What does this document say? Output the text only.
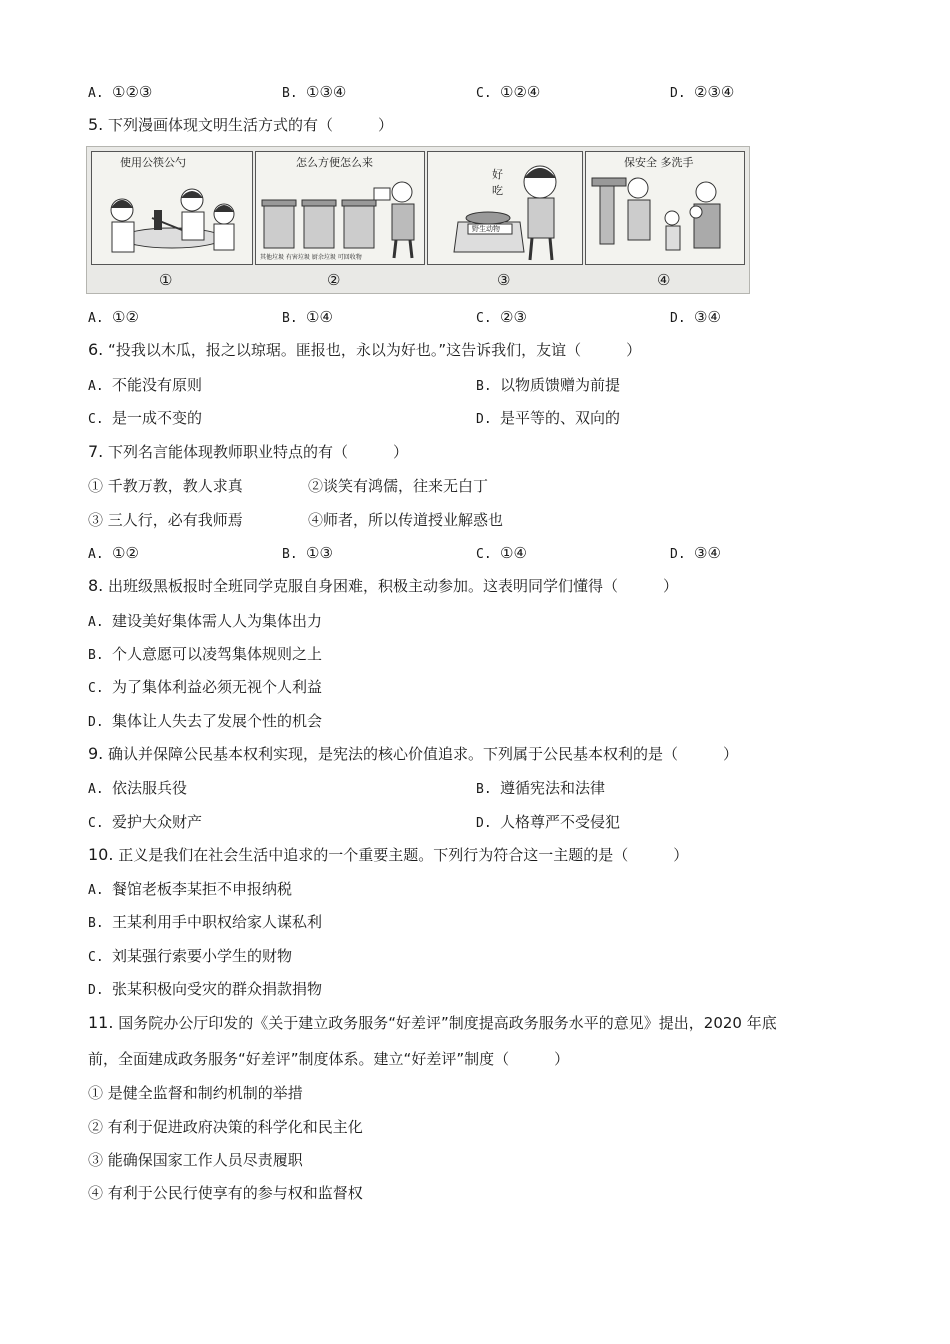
A. ①②③	B. ①③④	C. ①②④	D. ②③④
5. 下列漫画体现文明生活方式的有（　　　）
使用公筷公勺	怎么方便怎么来
其他垃圾 有害垃圾 厨余垃圾 可回收物
好吃
野生动物
保安全 多洗手
①	②	③	④
A. ①②	B. ①④	C. ②③	D. ③④
6. “投我以木瓜，报之以琼琚。匪报也，永以为好也。”这告诉我们，友谊（　　　）
A. 不能没有原则	B. 以物质馈赠为前提
C. 是一成不变的	D. 是平等的、双向的
7. 下列名言能体现教师职业特点的有（　　　）
① 千教万教，教人求真	②谈笑有鸿儒，往来无白丁
③ 三人行，必有我师焉	④师者，所以传道授业解惑也
A. ①②	B. ①③	C. ①④	D. ③④
8. 出班级黑板报时全班同学克服自身困难，积极主动参加。这表明同学们懂得（　　　）
A. 建设美好集体需人人为集体出力
B. 个人意愿可以凌驾集体规则之上
C. 为了集体利益必须无视个人利益
D. 集体让人失去了发展个性的机会
9. 确认并保障公民基本权利实现，是宪法的核心价值追求。下列属于公民基本权利的是（　　　）
A. 依法服兵役	B. 遵循宪法和法律
C. 爱护大众财产	D. 人格尊严不受侵犯
10. 正义是我们在社会生活中追求的一个重要主题。下列行为符合这一主题的是（　　　）
A. 餐馆老板李某拒不申报纳税
B. 王某利用手中职权给家人谋私利
C. 刘某强行索要小学生的财物
D. 张某积极向受灾的群众捐款捐物
11. 国务院办公厅印发的《关于建立政务服务“好差评”制度提高政务服务水平的意见》提出，2020 年底
前，全面建成政务服务“好差评”制度体系。建立“好差评”制度（　　　）
① 是健全监督和制约机制的举措
② 有利于促进政府决策的科学化和民主化
③ 能确保国家工作人员尽责履职
④ 有利于公民行使享有的参与权和监督权
